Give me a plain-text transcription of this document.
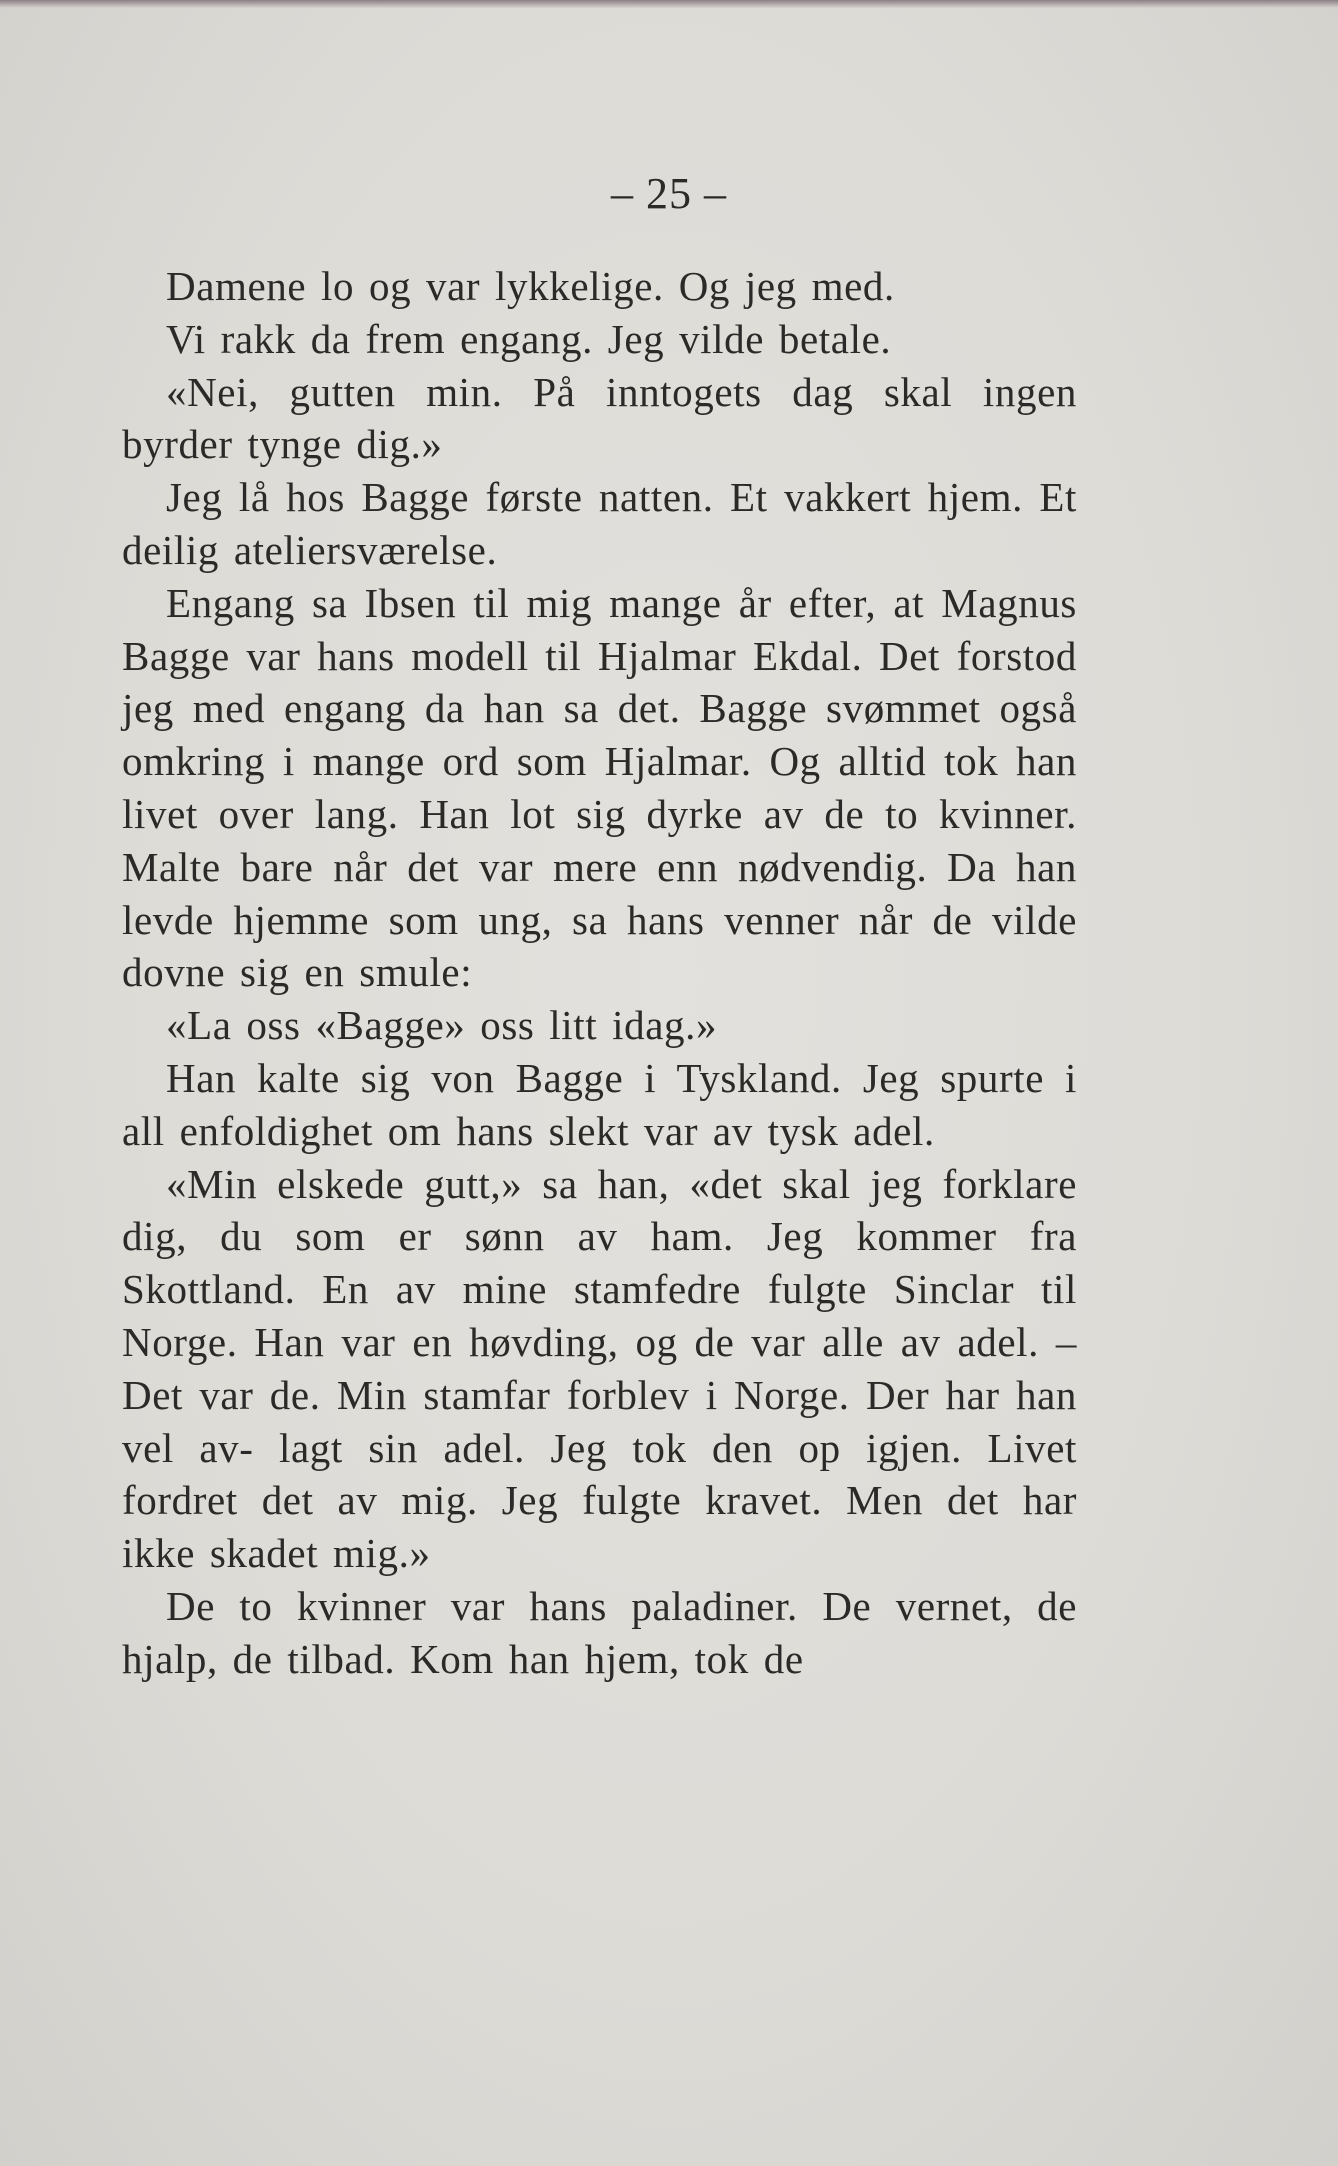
– 25 –

Damene lo og var lykkelige. Og jeg med.

Vi rakk da frem engang. Jeg vilde betale.

«Nei, gutten min. På inntogets dag skal ingen byrder tynge dig.»

Jeg lå hos Bagge første natten. Et vakkert hjem. Et deilig ateliersværelse.

Engang sa Ibsen til mig mange år efter, at Magnus Bagge var hans modell til Hjalmar Ekdal. Det forstod jeg med engang da han sa det. Bagge svømmet også omkring i mange ord som Hjalmar. Og alltid tok han livet over lang. Han lot sig dyrke av de to kvinner. Malte bare når det var mere enn nødvendig. Da han levde hjemme som ung, sa hans venner når de vilde dovne sig en smule:

«La oss «Bagge» oss litt idag.»

Han kalte sig von Bagge i Tyskland. Jeg spurte i all enfoldighet om hans slekt var av tysk adel.

«Min elskede gutt,» sa han, «det skal jeg forklare dig, du som er sønn av ham. Jeg kommer fra Skottland. En av mine stamfedre fulgte Sinclar til Norge. Han var en høvding, og de var alle av adel. – Det var de. Min stamfar forblev i Norge. Der har han vel av- lagt sin adel. Jeg tok den op igjen. Livet fordret det av mig. Jeg fulgte kravet. Men det har ikke skadet mig.»

De to kvinner var hans paladiner. De vernet, de hjalp, de tilbad. Kom han hjem, tok de
